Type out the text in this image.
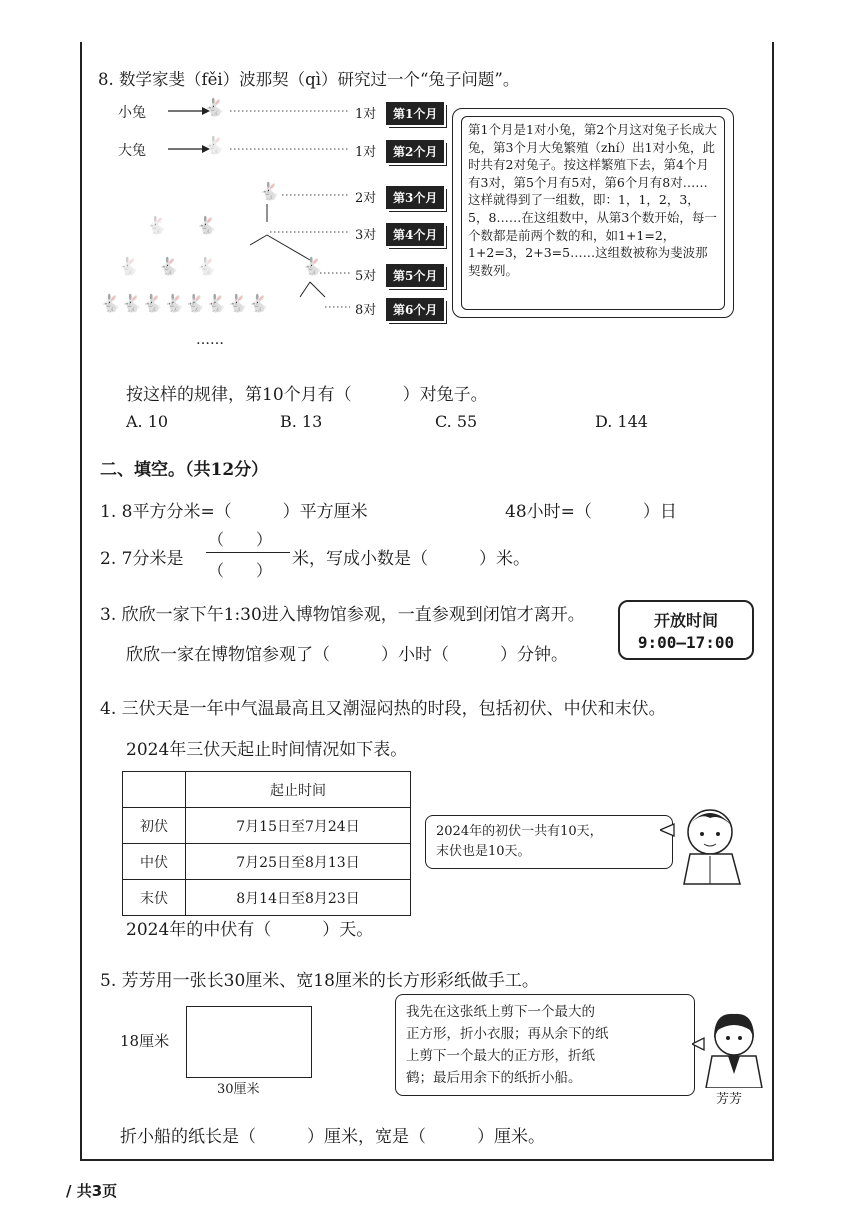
8. 数学家斐（fěi）波那契（qì）研究过一个“兔子问题”。
小兔
大兔
🐇
🐇
🐇
🐇 🐇
🐇 🐇 🐇	🐇
🐇🐇🐇🐇🐇🐇🐇🐇
1对
1对
2对
3对
5对
8对
第1个月
第2个月
第3个月
第4个月
第5个月
第6个月
……
第1个月是1对小兔，第2个月这对兔子长成大兔，第3个月大兔繁殖（zhí）出1对小兔，此时共有2对兔子。按这样繁殖下去，第4个月有3对，第5个月有5对，第6个月有8对……这样就得到了一组数，即：1，1，2，3，5，8……在这组数中，从第3个数开始，每一个数都是前两个数的和，如1+1=2，1+2=3，2+3=5……这组数被称为斐波那契数列。
按这样的规律，第10个月有（　　　）对兔子。
A. 10	B. 13	C. 55	D. 144
二、填空。（共12分）
1. 8平方分米=（　　　）平方厘米	48小时=（　　　）日
2. 7分米是
（　　）
（　　）
米，写成小数是（　　　）米。
3. 欣欣一家下午1:30进入博物馆参观，一直参观到闭馆才离开。
欣欣一家在博物馆参观了（　　　）小时（　　　）分钟。
开放时间
9:00—17:00
4. 三伏天是一年中气温最高且又潮湿闷热的时段，包括初伏、中伏和末伏。
2024年三伏天起止时间情况如下表。
	起止时间
初伏	7月15日至7月24日
中伏	7月25日至8月13日
末伏	8月14日至8月23日
2024年的初伏一共有10天，
末伏也是10天。
2024年的中伏有（　　　）天。
5. 芳芳用一张长30厘米、宽18厘米的长方形彩纸做手工。
18厘米
30厘米
我先在这张纸上剪下一个最大的
正方形，折小衣服；再从余下的纸
上剪下一个最大的正方形，折纸
鹤；最后用余下的纸折小船。
芳芳
折小船的纸长是（　　　）厘米，宽是（　　　）厘米。
/ 共3页
